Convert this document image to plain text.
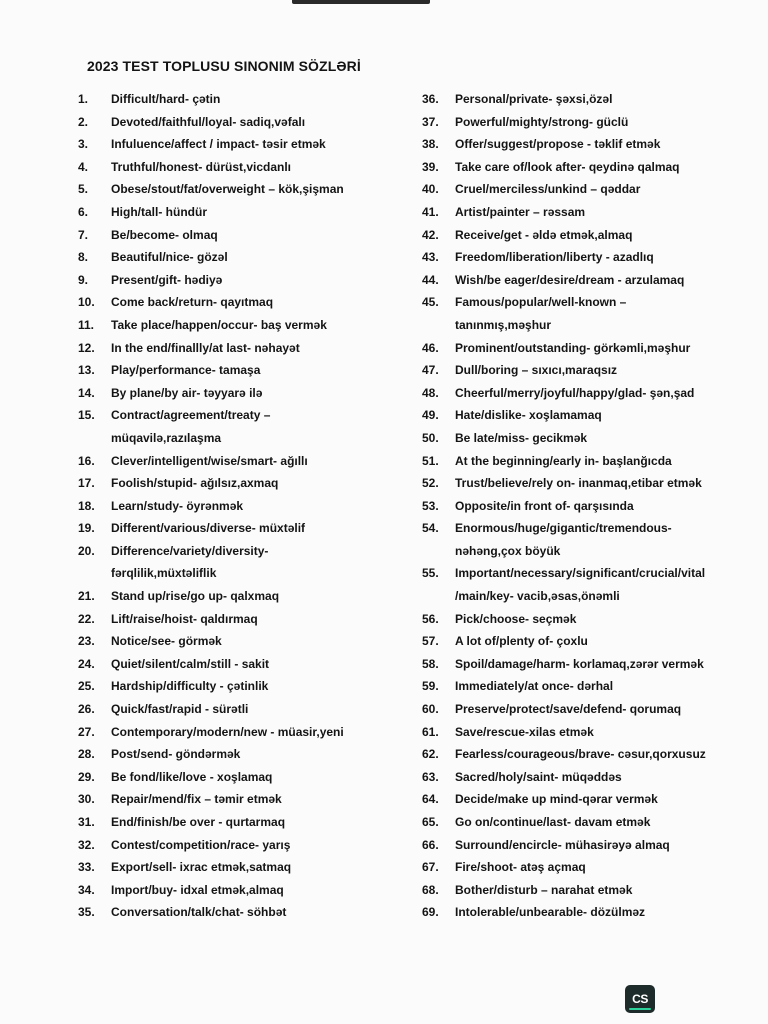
2023 TEST TOPLUSU SINONIM SÖZLƏRİ
1.	Difficult/hard- çətin
2.	Devoted/faithful/loyal- sadiq,vəfalı
3.	Infuluence/affect / impact- təsir etmək
4.	Truthful/honest- dürüst,vicdanlı
5.	Obese/stout/fat/overweight – kök,şişman
6.	High/tall- hündür
7.	Be/become- olmaq
8.	Beautiful/nice- gözəl
9.	Present/gift- hədiyə
10.	Come back/return- qayıtmaq
11.	Take place/happen/occur- baş vermək
12.	In the end/finallly/at last- nəhayət
13.	Play/performance- tamaşa
14.	By plane/by air- təyyarə ilə
15.	Contract/agreement/treaty –
müqavilə,razılaşma
16.	Clever/intelligent/wise/smart- ağıllı
17.	Foolish/stupid- ağılsız,axmaq
18.	Learn/study- öyrənmək
19.	Different/various/diverse- müxtəlif
20.	Difference/variety/diversity-
fərqlilik,müxtəliflik
21.	Stand up/rise/go up- qalxmaq
22.	Lift/raise/hoist- qaldırmaq
23.	Notice/see- görmək
24.	Quiet/silent/calm/still - sakit
25.	Hardship/difficulty - çətinlik
26.	Quick/fast/rapid - sürətli
27.	Contemporary/modern/new - müasir,yeni
28.	Post/send- göndərmək
29.	Be fond/like/love - xoşlamaq
30.	Repair/mend/fix – təmir etmək
31.	End/finish/be over - qurtarmaq
32.	Contest/competition/race- yarış
33.	Export/sell- ixrac etmək,satmaq
34.	Import/buy- idxal etmək,almaq
35.	Conversation/talk/chat- söhbət
36.	Personal/private- şəxsi,özəl
37.	Powerful/mighty/strong- güclü
38.	Offer/suggest/propose - təklif etmək
39.	Take care of/look after- qeydinə qalmaq
40.	Cruel/merciless/unkind – qəddar
41.	Artist/painter – rəssam
42.	Receive/get - əldə etmək,almaq
43.	Freedom/liberation/liberty - azadlıq
44.	Wish/be eager/desire/dream - arzulamaq
45.	Famous/popular/well-known –
tanınmış,məşhur
46.	Prominent/outstanding- görkəmli,məşhur
47.	Dull/boring – sıxıcı,maraqsız
48.	Cheerful/merry/joyful/happy/glad- şən,şad
49.	Hate/dislike- xoşlamamaq
50.	Be late/miss- gecikmək
51.	At the beginning/early in- başlanğıcda
52.	Trust/believe/rely on- inanmaq,etibar etmək
53.	Opposite/in front of- qarşısında
54.	Enormous/huge/gigantic/tremendous-
nəhəng,çox böyük
55.	Important/necessary/significant/crucial/vital
/main/key- vacib,əsas,önəmli
56.	Pick/choose- seçmək
57.	A lot of/plenty of- çoxlu
58.	Spoil/damage/harm- korlamaq,zərər vermək
59.	Immediately/at once- dərhal
60.	Preserve/protect/save/defend- qorumaq
61.	Save/rescue-xilas etmək
62.	Fearless/courageous/brave- cəsur,qorxusuz
63.	Sacred/holy/saint- müqəddəs
64.	Decide/make up mind-qərar vermək
65.	Go on/continue/last- davam etmək
66.	Surround/encircle- mühasirəyə almaq
67.	Fire/shoot- atəş açmaq
68.	Bother/disturb – narahat etmək
69.	Intolerable/unbearable- dözülməz
CS
